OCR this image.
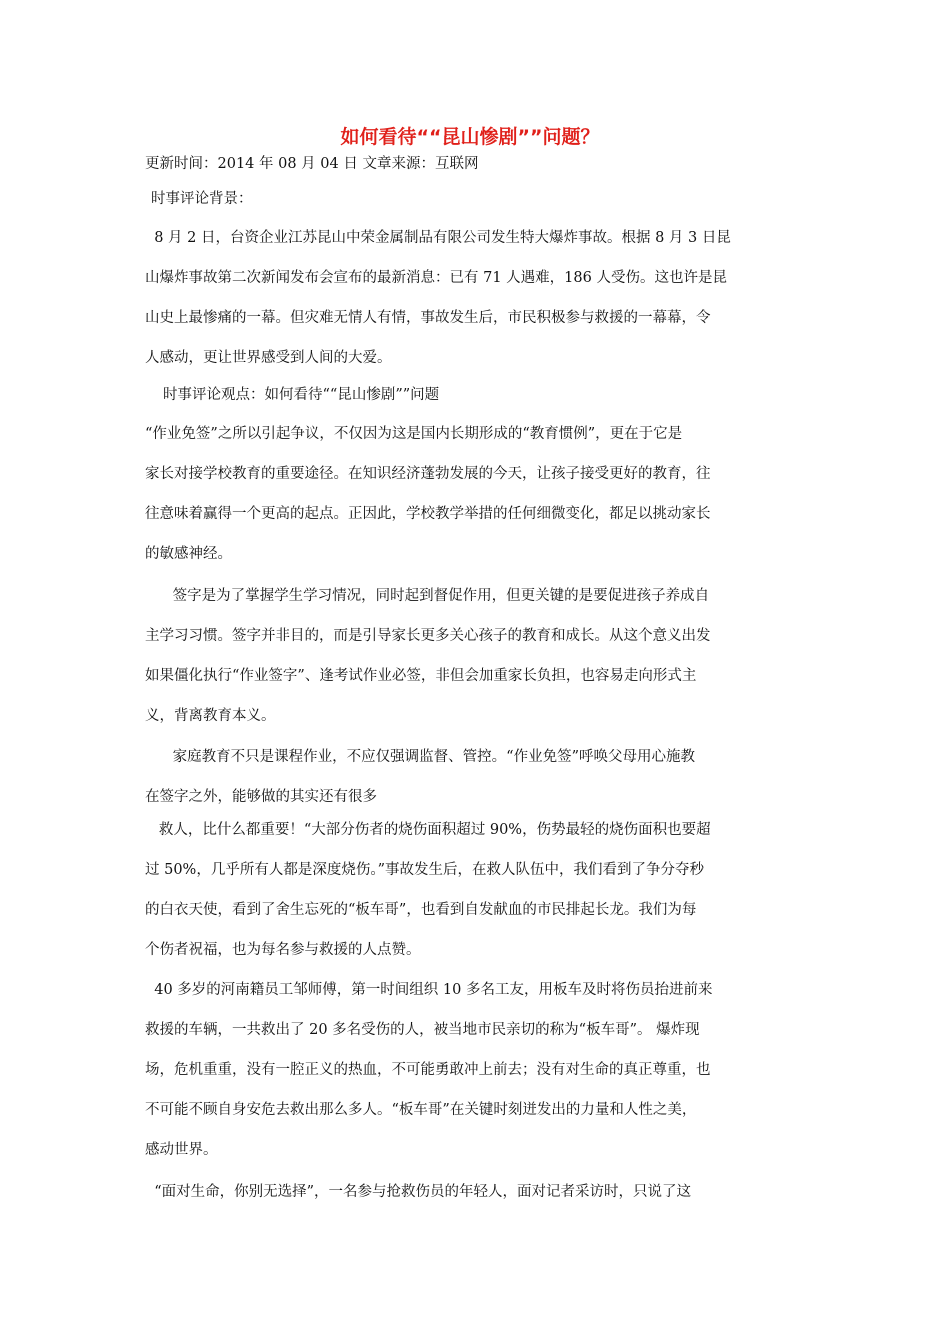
如何看待““昆山惨剧””问题？
更新时间：2014 年 08 月 04 日 文章来源：互联网
时事评论背景：
8 月 2 日，台资企业江苏昆山中荣金属制品有限公司发生特大爆炸事故。根据 8 月 3 日昆
山爆炸事故第二次新闻发布会宣布的最新消息：已有 71 人遇难，186 人受伤。这也许是昆
山史上最惨痛的一幕。但灾难无情人有情，事故发生后，市民积极参与救援的一幕幕，令
人感动，更让世界感受到人间的大爱。
时事评论观点：如何看待““昆山惨剧””问题
“作业免签”之所以引起争议，不仅因为这是国内长期形成的“教育惯例”，更在于它是
家长对接学校教育的重要途径。在知识经济蓬勃发展的今天，让孩子接受更好的教育，往
往意味着赢得一个更高的起点。正因此，学校教学举措的任何细微变化，都足以挑动家长
的敏感神经。
签字是为了掌握学生学习情况，同时起到督促作用，但更关键的是要促进孩子养成自
主学习习惯。签字并非目的，而是引导家长更多关心孩子的教育和成长。从这个意义出发
如果僵化执行“作业签字”、逢考试作业必签，非但会加重家长负担，也容易走向形式主
义，背离教育本义。
家庭教育不只是课程作业，不应仅强调监督、管控。“作业免签”呼唤父母用心施教
在签字之外，能够做的其实还有很多
救人，比什么都重要！“大部分伤者的烧伤面积超过 90%，伤势最轻的烧伤面积也要超
过 50%，几乎所有人都是深度烧伤。”事故发生后，在救人队伍中，我们看到了争分夺秒
的白衣天使，看到了舍生忘死的“板车哥”，也看到自发献血的市民排起长龙。我们为每
个伤者祝福，也为每名参与救援的人点赞。
40 多岁的河南籍员工邹师傅，第一时间组织 10 多名工友，用板车及时将伤员抬进前来
救援的车辆，一共救出了 20 多名受伤的人，被当地市民亲切的称为“板车哥”。 爆炸现
场，危机重重，没有一腔正义的热血，不可能勇敢冲上前去；没有对生命的真正尊重，也
不可能不顾自身安危去救出那么多人。“板车哥”在关键时刻迸发出的力量和人性之美，
感动世界。
“面对生命，你别无选择”，一名参与抢救伤员的年轻人，面对记者采访时，只说了这
